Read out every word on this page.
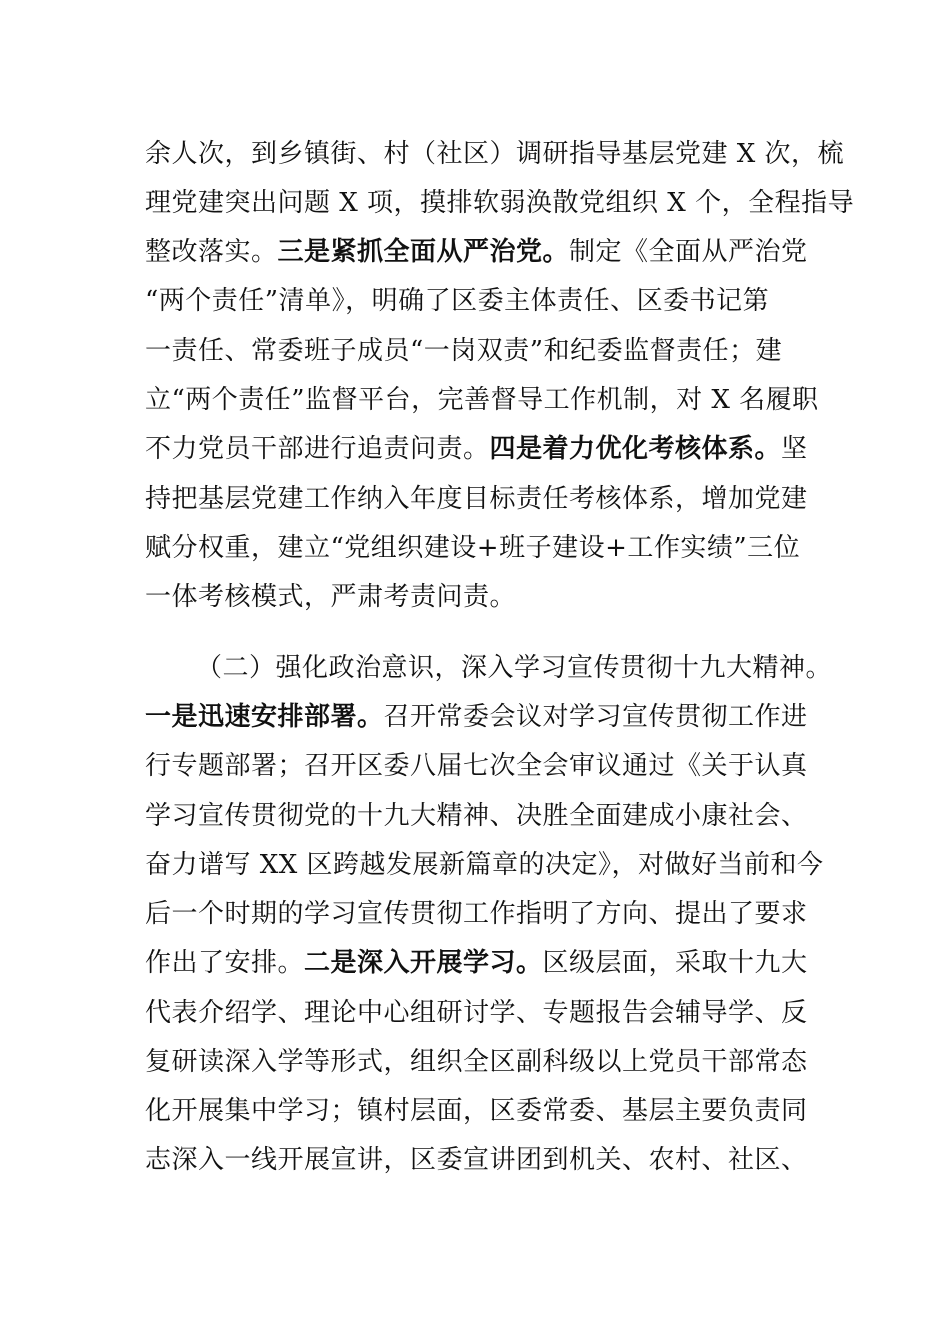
余人次，到乡镇街、村（社区）调研指导基层党建 X 次，梳
理党建突出问题 X 项，摸排软弱涣散党组织 X 个，全程指导
整改落实。三是紧抓全面从严治党。制定《全面从严治党
“两个责任”清单》，明确了区委主体责任、区委书记第
一责任、常委班子成员“一岗双责”和纪委监督责任；建
立“两个责任”监督平台，完善督导工作机制，对 X 名履职
不力党员干部进行追责问责。四是着力优化考核体系。坚
持把基层党建工作纳入年度目标责任考核体系，增加党建
赋分权重，建立“党组织建设+班子建设+工作实绩”三位
一体考核模式，严肃考责问责。
（二）强化政治意识，深入学习宣传贯彻十九大精神。
一是迅速安排部署。召开常委会议对学习宣传贯彻工作进
行专题部署；召开区委八届七次全会审议通过《关于认真
学习宣传贯彻党的十九大精神、决胜全面建成小康社会、
奋力谱写 XX 区跨越发展新篇章的决定》，对做好当前和今
后一个时期的学习宣传贯彻工作指明了方向、提出了要求
作出了安排。二是深入开展学习。区级层面，采取十九大
代表介绍学、理论中心组研讨学、专题报告会辅导学、反
复研读深入学等形式，组织全区副科级以上党员干部常态
化开展集中学习；镇村层面，区委常委、基层主要负责同
志深入一线开展宣讲，区委宣讲团到机关、农村、社区、
